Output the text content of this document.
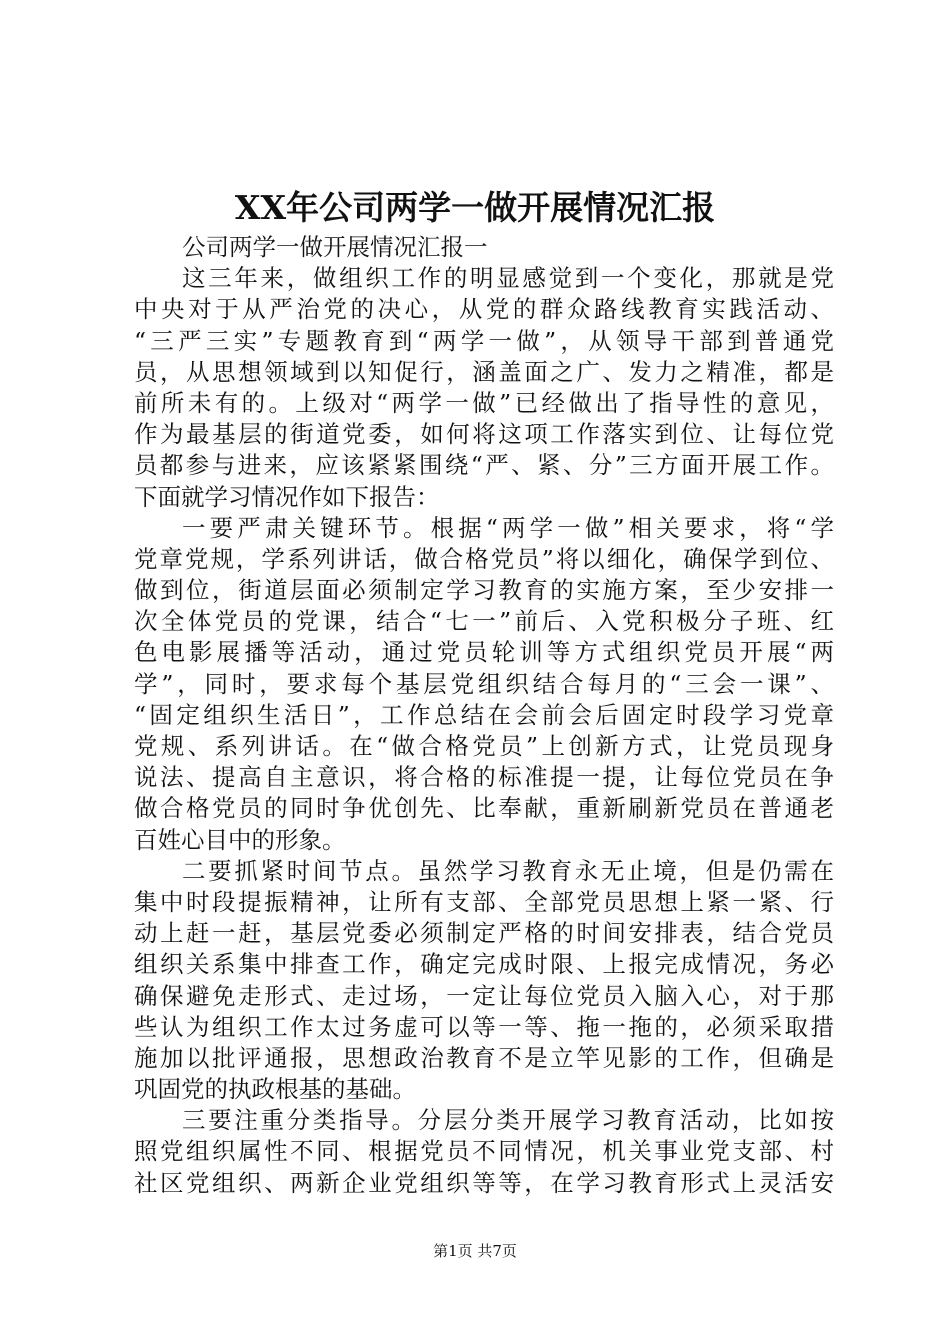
XX年公司两学一做开展情况汇报
公司两学一做开展情况汇报一
这三年来，做组织工作的明显感觉到一个变化，那就是党
中央对于从严治党的决心，从党的群众路线教育实践活动、
“三严三实”专题教育到“两学一做”，从领导干部到普通党
员，从思想领域到以知促行，涵盖面之广、发力之精准，都是
前所未有的。上级对“两学一做”已经做出了指导性的意见，
作为最基层的街道党委，如何将这项工作落实到位、让每位党
员都参与进来，应该紧紧围绕“严、紧、分”三方面开展工作。
下面就学习情况作如下报告：
一要严肃关键环节。根据“两学一做”相关要求，将“学
党章党规，学系列讲话，做合格党员”将以细化，确保学到位、
做到位，街道层面必须制定学习教育的实施方案，至少安排一
次全体党员的党课，结合“七一”前后、入党积极分子班、红
色电影展播等活动，通过党员轮训等方式组织党员开展“两
学”，同时，要求每个基层党组织结合每月的“三会一课”、
“固定组织生活日”，工作总结在会前会后固定时段学习党章
党规、系列讲话。在“做合格党员”上创新方式，让党员现身
说法、提高自主意识，将合格的标准提一提，让每位党员在争
做合格党员的同时争优创先、比奉献，重新刷新党员在普通老
百姓心目中的形象。
二要抓紧时间节点。虽然学习教育永无止境，但是仍需在
集中时段提振精神，让所有支部、全部党员思想上紧一紧、行
动上赶一赶，基层党委必须制定严格的时间安排表，结合党员
组织关系集中排查工作，确定完成时限、上报完成情况，务必
确保避免走形式、走过场，一定让每位党员入脑入心，对于那
些认为组织工作太过务虚可以等一等、拖一拖的，必须采取措
施加以批评通报，思想政治教育不是立竿见影的工作，但确是
巩固党的执政根基的基础。
三要注重分类指导。分层分类开展学习教育活动，比如按
照党组织属性不同、根据党员不同情况，机关事业党支部、村
社区党组织、两新企业党组织等等，在学习教育形式上灵活安
第1页 共7页
